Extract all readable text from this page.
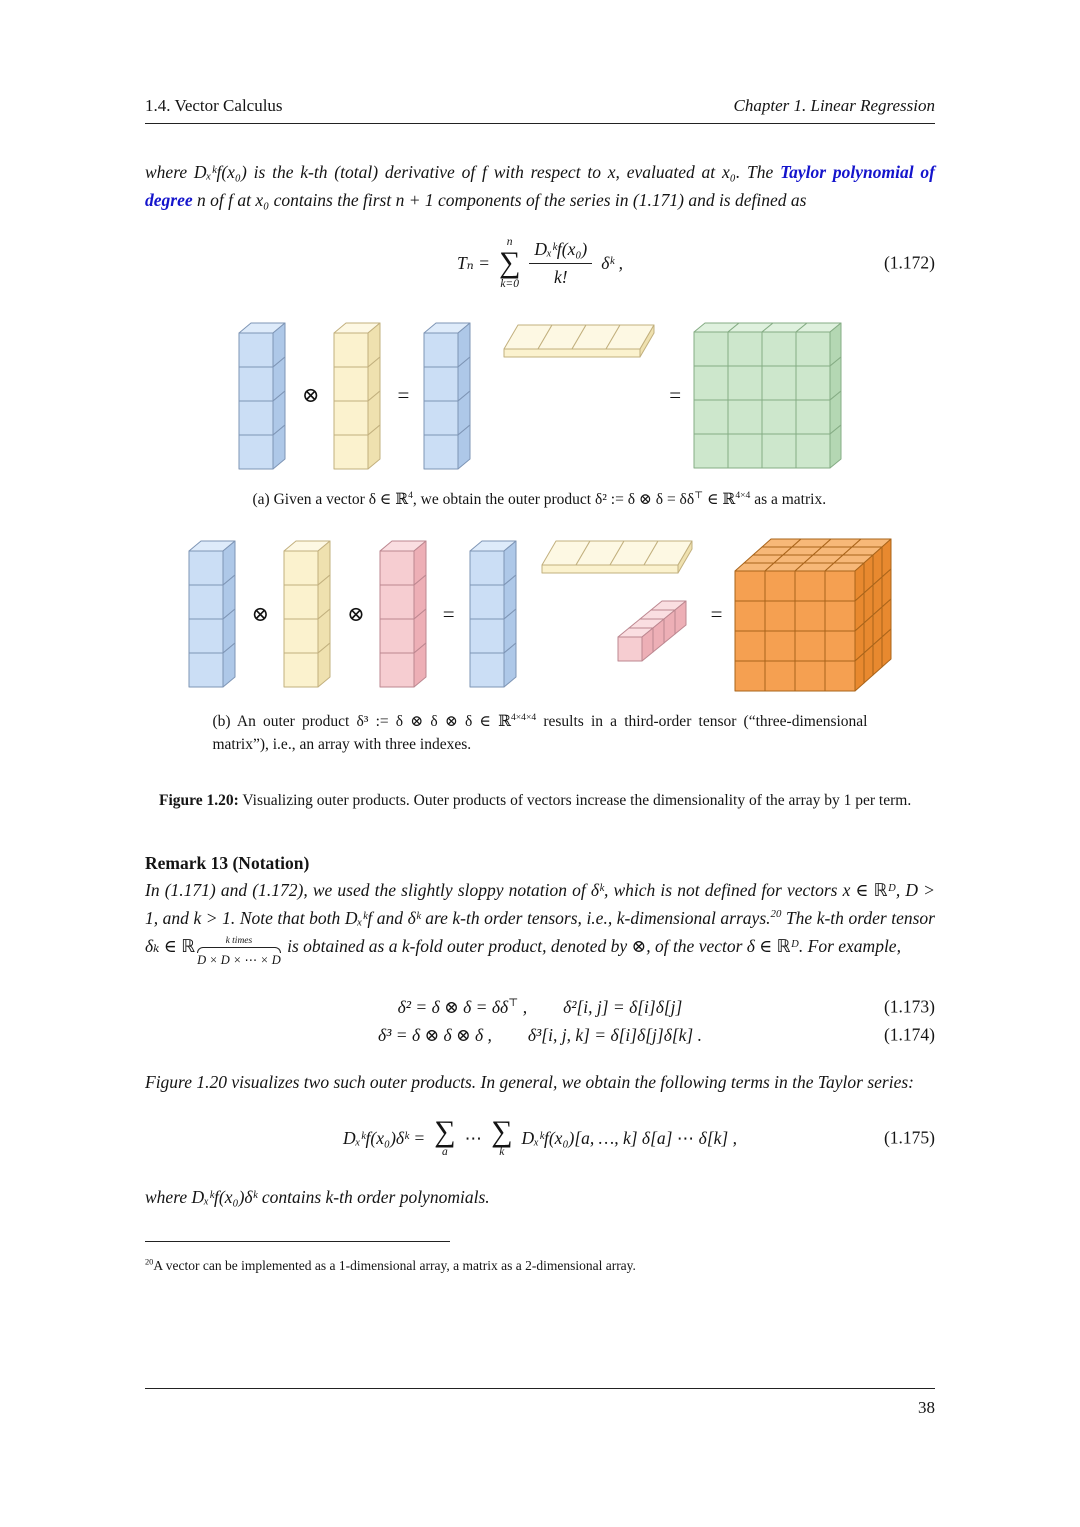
1.4. Vector Calculus	Chapter 1. Linear Regression

where Dₓᵏf(x₀) is the k-th (total) derivative of f with respect to x, evaluated at x₀. The Taylor polynomial of degree n of f at x₀ contains the first n + 1 components of the series in (1.171) and is defined as

Tₙ =
n
∑
$k=0 \frac{\text{Dₓᵏf(x₀)}}{k!}$ δᵏ ,	(1.172)
⊗	=	=

(a) Given a vector δ ∈ ℝ$^4$, we obtain the outer product δ² := δ ⊗ δ = δδ⊤ ∈ ℝ$^{4\times 4}$ as a matrix.

⊗	⊗	=	=

(b) An outer product δ³ := δ ⊗ δ ⊗ δ ∈ ℝ$^{4\times 4\times 4}$ results in a third-order tensor (“three-dimensional matrix”), i.e., an array with three indexes.

Figure 1.20: Visualizing outer products. Outer products of vectors increase the dimensionality of the array by 1 per term.

Remark 13 (Notation)

In (1.171) and (1.172), we used the slightly sloppy notation of δᵏ, which is not defined for vectors x ∈ ℝᴰ, D > 1, and k > 1. Note that both Dₓᵏf and δᵏ are k-th order tensors, i.e., k-dimensional arrays.$^{20}$ The k-th order tensor δₖ ∈ ℝ	k times
D × D × ⋯ × D
is obtained as a k-fold outer product, denoted by ⊗, of the vector δ ∈ ℝᴰ. For example,

δ² = δ ⊗ δ = δδ⊤ , δ²[i, j] = δ[i]δ[j]	(1.173)
δ³ = δ ⊗ δ ⊗ δ , δ³[i, j, k] = δ[i]δ[j]δ[k] .	(1.174)

Figure 1.20 visualizes two such outer products. In general, we obtain the following terms in the Taylor series:

Dₓᵏf(x₀)δᵏ = ∑
a
⋯ ∑
k
Dₓᵏf(x₀)[a, …, k] δ[a] ⋯ δ[k] ,	(1.175)

where Dₓᵏf(x₀)δᵏ contains k-th order polynomials.

$^{20}$A vector can be implemented as a 1-dimensional array, a matrix as a 2-dimensional array.

38
